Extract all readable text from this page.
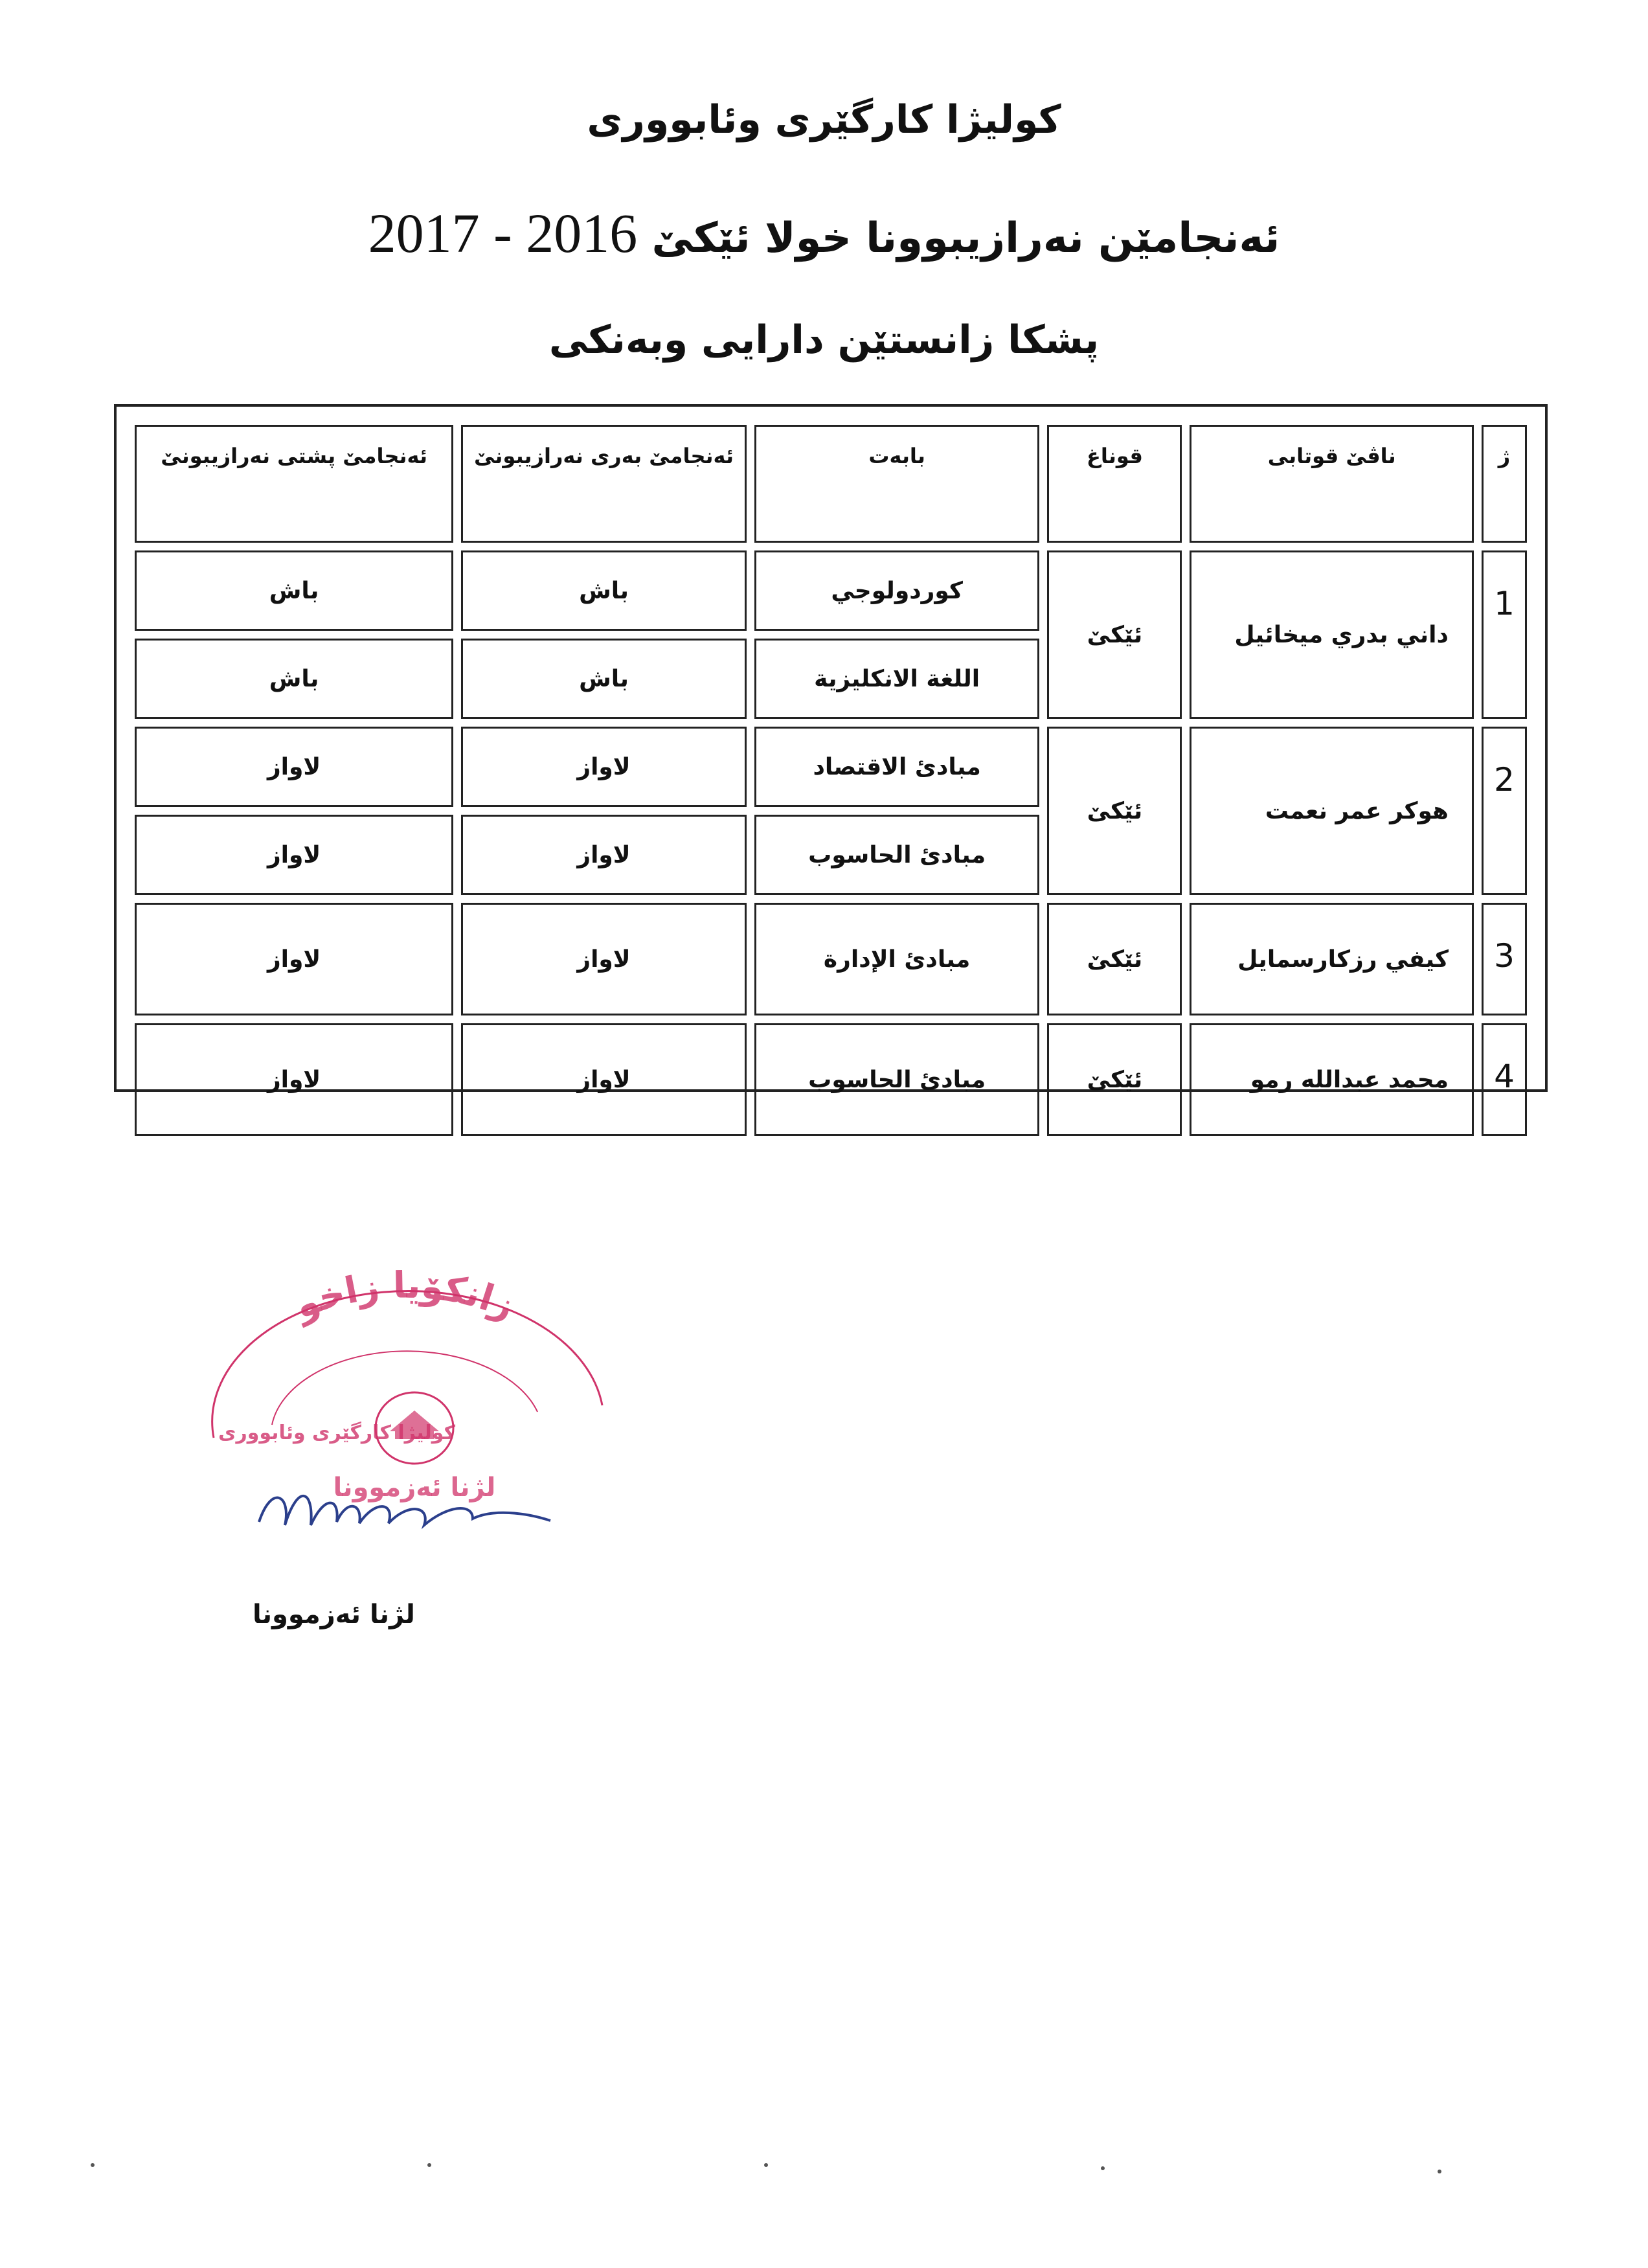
كوليژا كارگێرى وئابوورى
ئەنجامێن نەرازيبوونا خولا ئێكێ 2017 - 2016
پشكا زانستێن دارايى وبەنكى
ژ	ناڤێ قوتابى	قوناغ	بابەت	ئەنجامێ بەرى نەرازيبونێ	ئەنجامێ پشتى نەرازيبونێ
1	داني بدري ميخائيل	ئێكێ	كوردولوجي	باش	باش
			اللغة الانكليزية	باش	باش
2	هوكر عمر نعمت	ئێكێ	مبادئ الاقتصاد	لاواز	لاواز
			مبادئ الحاسوب	لاواز	لاواز
3	كيفي رزكارسمايل	ئێكێ	مبادئ الإدارة	لاواز	لاواز
4	محمد عبدالله رمو	ئێكێ	مبادئ الحاسوب	لاواز	لاواز
زانكۆيا زاخو
كوليژا كارگێرى وئابوورى
لژنا ئەزموونا
لژنا ئەزموونا
